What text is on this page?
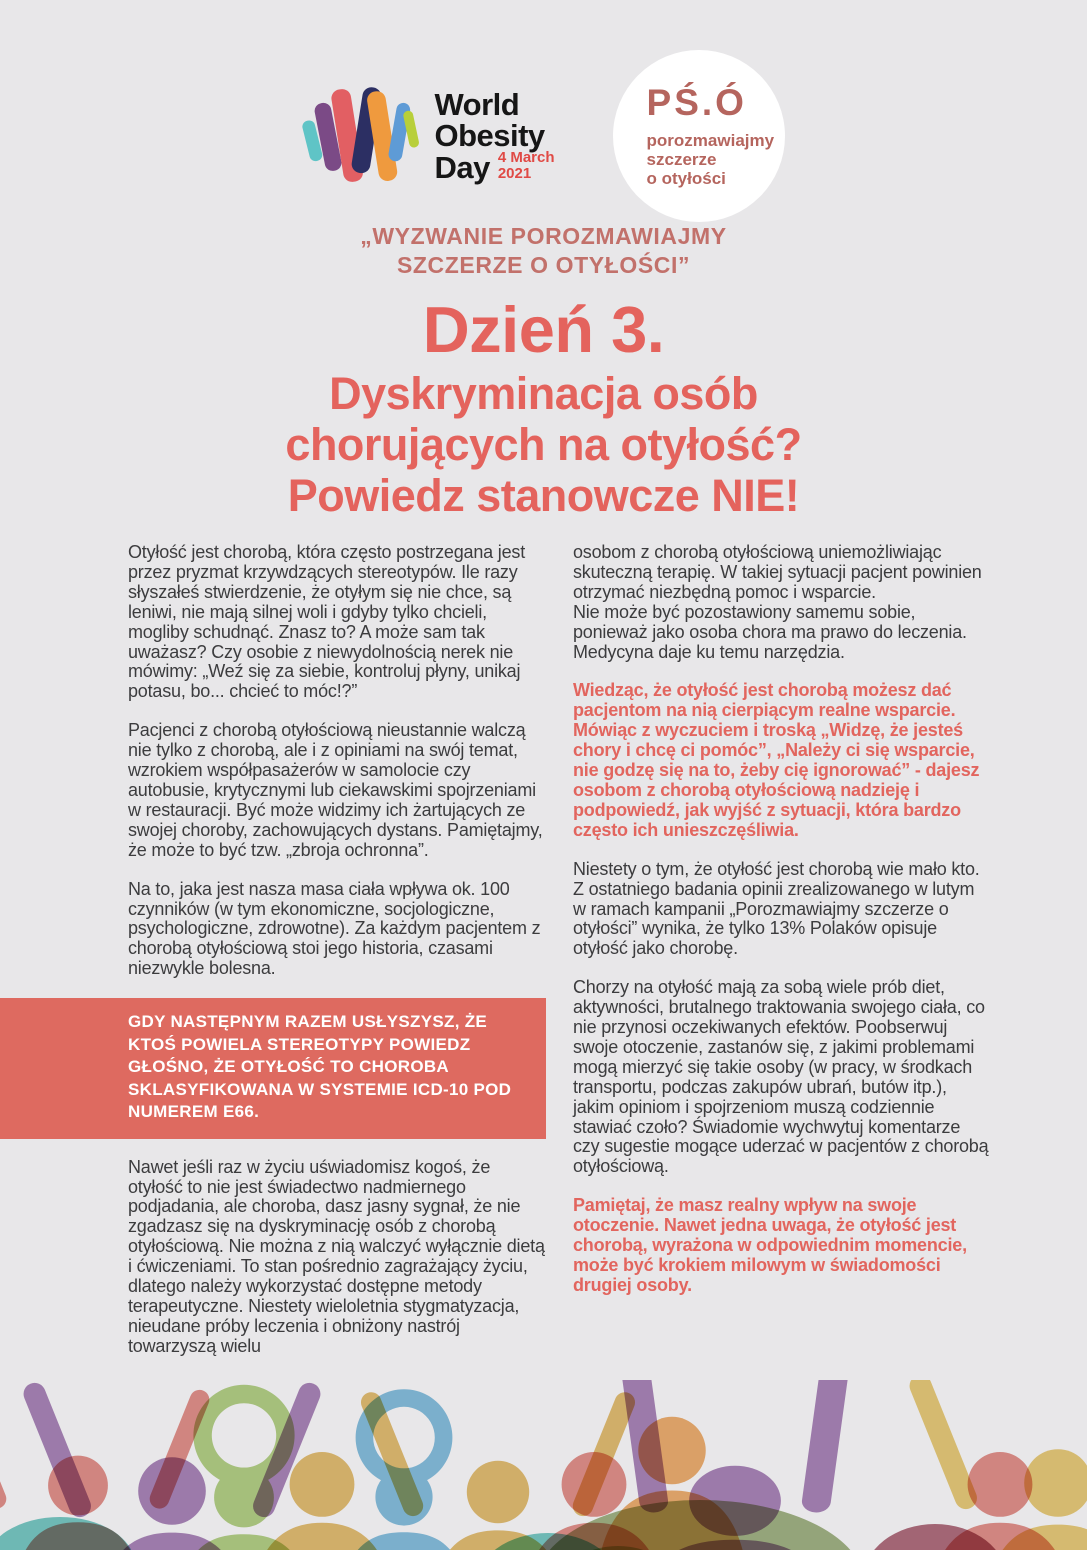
World
Obesity
Day 4 March
2021
PŚ.Ó
porozmawiajmy
szczerze
o otyłości
„WYZWANIE POROZMAWIAJMY
SZCZERZE O OTYŁOŚCI”
Dzień 3.
Dyskryminacja osób
chorujących na otyłość?
Powiedz stanowcze NIE!

Otyłość jest chorobą, która często postrzegana jest przez pryzmat krzywdzących stereotypów. Ile razy słyszałeś stwierdzenie, że otyłym się nie chce, są leniwi, nie mają silnej woli i gdyby tylko chcieli, mogliby schudnąć. Znasz to? A może sam tak uważasz? Czy osobie z niewydolnością nerek nie mówimy: „Weź się za siebie, kontroluj płyny, unikaj potasu, bo... chcieć to móc!?”

Pacjenci z chorobą otyłościową nieustannie walczą nie tylko z chorobą, ale i z opiniami na swój temat, wzrokiem współpasażerów w samolocie czy autobusie, krytycznymi lub ciekawskimi spojrzeniami w restauracji. Być może widzimy ich żartujących ze swojej choroby, zachowujących dystans. Pamiętajmy, że może to być tzw. „zbroja ochronna”.

Na to, jaka jest nasza masa ciała wpływa ok. 100 czynników (w tym ekonomiczne, socjologiczne, psychologiczne, zdrowotne). Za każdym pacjentem z chorobą otyłościową stoi jego historia, czasami niezwykle bolesna.

GDY NASTĘPNYM RAZEM USŁYSZYSZ, ŻE KTOŚ POWIELA STEREOTYPY POWIEDZ GŁOŚNO, ŻE OTYŁOŚĆ TO CHOROBA SKLASYFIKOWANA W SYSTEMIE ICD-10 POD NUMEREM E66.

Nawet jeśli raz w życiu uświadomisz kogoś, że otyłość to nie jest świadectwo nadmiernego podjadania, ale choroba, dasz jasny sygnał, że nie zgadzasz się na dyskryminację osób z chorobą otyłościową. Nie można z nią walczyć wyłącznie dietą i ćwiczeniami. To stan pośrednio zagrażający życiu, dlatego należy wykorzystać dostępne metody terapeutyczne. Niestety wieloletnia stygmatyzacja, nieudane próby leczenia i obniżony nastrój towarzyszą wielu

osobom z chorobą otyłościową uniemożliwiając skuteczną terapię. W takiej sytuacji pacjent powinien otrzymać niezbędną pomoc i wsparcie.

Nie może być pozostawiony samemu sobie, ponieważ jako osoba chora ma prawo do leczenia. Medycyna daje ku temu narzędzia.

Wiedząc, że otyłość jest chorobą możesz dać pacjentom na nią cierpiącym realne wsparcie. Mówiąc z wyczuciem i troską „Widzę, że jesteś chory i chcę ci pomóc”, „Należy ci się wsparcie, nie godzę się na to, żeby cię ignorować” - dajesz osobom z chorobą otyłościową nadzieję i podpowiedź, jak wyjść z sytuacji, która bardzo często ich unieszczęśliwia.

Niestety o tym, że otyłość jest chorobą wie mało kto. Z ostatniego badania opinii zrealizowanego w lutym w ramach kampanii „Porozmawiajmy szczerze o otyłości” wynika, że tylko 13% Polaków opisuje otyłość jako chorobę.

Chorzy na otyłość mają za sobą wiele prób diet, aktywności, brutalnego traktowania swojego ciała, co nie przynosi oczekiwanych efektów. Poobserwuj swoje otoczenie, zastanów się, z jakimi problemami mogą mierzyć się takie osoby (w pracy, w środkach transportu, podczas zakupów ubrań, butów itp.), jakim opiniom i spojrzeniom muszą codziennie stawiać czoło? Świadomie wychwytuj komentarze czy sugestie mogące uderzać w pacjentów z chorobą otyłościową.

Pamiętaj, że masz realny wpływ na swoje otoczenie. Nawet jedna uwaga, że otyłość jest chorobą, wyrażona w odpowiednim momencie, może być krokiem milowym w świadomości drugiej osoby.
